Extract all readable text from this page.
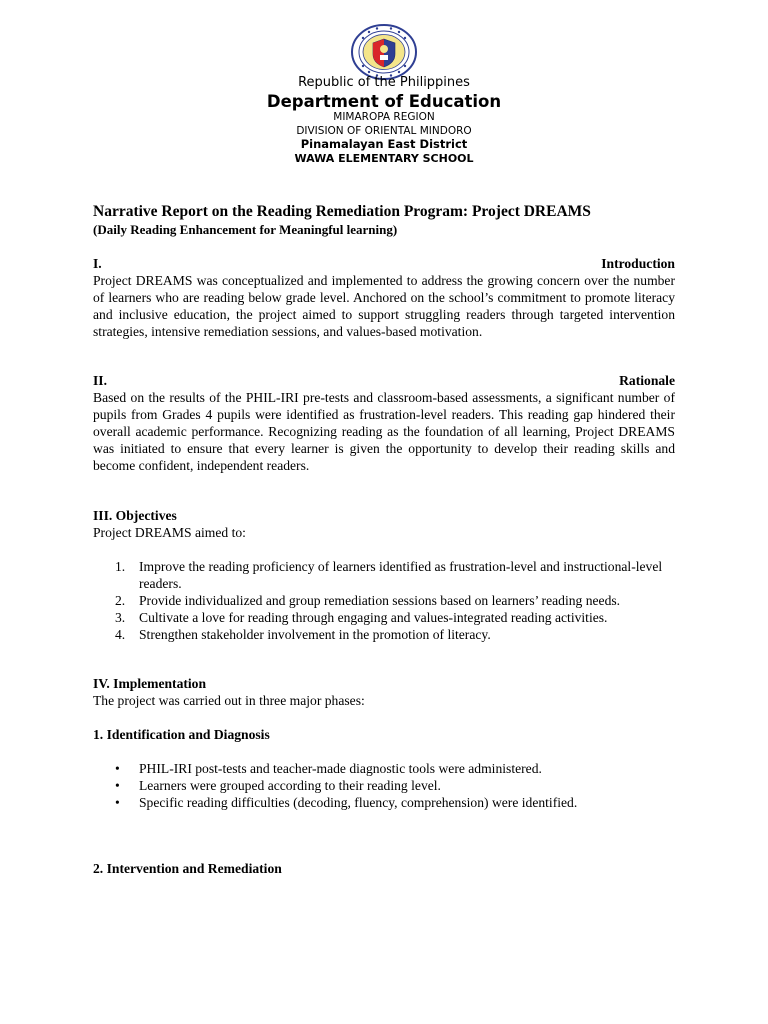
Republic of the Philippines
Department of Education
MIMAROPA REGION
DIVISION OF ORIENTAL MINDORO
Pinamalayan East District
WAWA ELEMENTARY SCHOOL
Narrative Report on the Reading Remediation Program: Project DREAMS
(Daily Reading Enhancement for Meaningful learning)
I.	Introduction
Project DREAMS was conceptualized and implemented to address the growing concern over the number of learners who are reading below grade level. Anchored on the school’s commitment to promote literacy and inclusive education, the project aimed to support struggling readers through targeted intervention strategies, intensive remediation sessions, and values-based motivation.
II.	Rationale
Based on the results of the PHIL-IRI pre-tests and classroom-based assessments, a significant number of pupils from Grades 4 pupils were identified as frustration-level readers. This reading gap hindered their overall academic performance. Recognizing reading as the foundation of all learning, Project DREAMS was initiated to ensure that every learner is given the opportunity to develop their reading skills and become confident, independent readers.
III. Objectives
Project DREAMS aimed to:
1. Improve the reading proficiency of learners identified as frustration-level and instructional-level readers.
2. Provide individualized and group remediation sessions based on learners’ reading needs.
3. Cultivate a love for reading through engaging and values-integrated reading activities.
4. Strengthen stakeholder involvement in the promotion of literacy.
IV. Implementation
The project was carried out in three major phases:
1. Identification and Diagnosis
• PHIL-IRI post-tests and teacher-made diagnostic tools were administered.
• Learners were grouped according to their reading level.
• Specific reading difficulties (decoding, fluency, comprehension) were identified.
2. Intervention and Remediation
